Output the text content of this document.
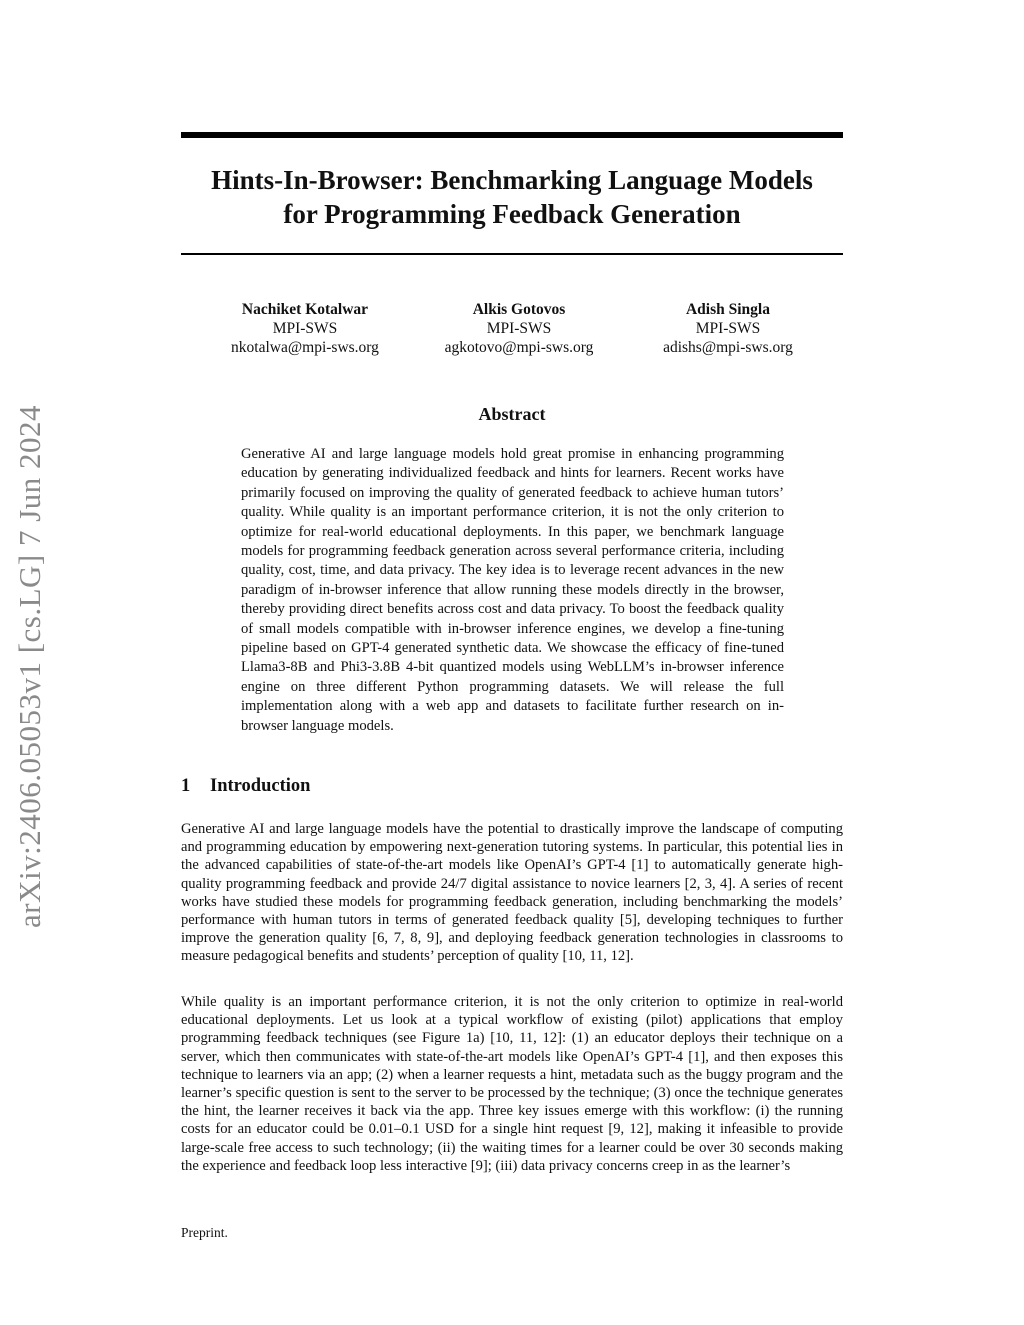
arXiv:2406.05053v1 [cs.LG] 7 Jun 2024
Hints-In-Browser: Benchmarking Language Models
for Programming Feedback Generation
Nachiket Kotalwar
MPI-SWS
nkotalwa@mpi-sws.org
Alkis Gotovos
MPI-SWS
agkotovo@mpi-sws.org
Adish Singla
MPI-SWS
adishs@mpi-sws.org
Abstract
Generative AI and large language models hold great promise in enhancing programming education by generating individualized feedback and hints for learners. Recent works have primarily focused on improving the quality of generated feedback to achieve human tutors’ quality. While quality is an important performance criterion, it is not the only criterion to optimize for real-world educational deployments. In this paper, we benchmark language models for programming feedback generation across several performance criteria, including quality, cost, time, and data privacy. The key idea is to leverage recent advances in the new paradigm of in-browser inference that allow running these models directly in the browser, thereby providing direct benefits across cost and data privacy. To boost the feedback quality of small models compatible with in-browser inference engines, we develop a fine-tuning pipeline based on GPT-4 generated synthetic data. We showcase the efficacy of fine-tuned Llama3-8B and Phi3-3.8B 4-bit quantized models using WebLLM’s in-browser inference engine on three different Python programming datasets. We will release the full implementation along with a web app and datasets to facilitate further research on in-browser language models.
1 Introduction

Generative AI and large language models have the potential to drastically improve the landscape of computing and programming education by empowering next-generation tutoring systems. In particular, this potential lies in the advanced capabilities of state-of-the-art models like OpenAI’s GPT-4 [1] to automatically generate high-quality programming feedback and provide 24/7 digital assistance to novice learners [2, 3, 4]. A series of recent works have studied these models for programming feedback generation, including benchmarking the models’ performance with human tutors in terms of generated feedback quality [5], developing techniques to further improve the generation quality [6, 7, 8, 9], and deploying feedback generation technologies in classrooms to measure pedagogical benefits and students’ perception of quality [10, 11, 12].

While quality is an important performance criterion, it is not the only criterion to optimize in real-world educational deployments. Let us look at a typical workflow of existing (pilot) applications that employ programming feedback techniques (see Figure 1a) [10, 11, 12]: (1) an educator deploys their technique on a server, which then communicates with state-of-the-art models like OpenAI’s GPT-4 [1], and then exposes this technique to learners via an app; (2) when a learner requests a hint, metadata such as the buggy program and the learner’s specific question is sent to the server to be processed by the technique; (3) once the technique generates the hint, the learner receives it back via the app. Three key issues emerge with this workflow: (i) the running costs for an educator could be 0.01–0.1 USD for a single hint request [9, 12], making it infeasible to provide large-scale free access to such technology; (ii) the waiting times for a learner could be over 30 seconds making the experience and feedback loop less interactive [9]; (iii) data privacy concerns creep in as the learner’s

Preprint.
